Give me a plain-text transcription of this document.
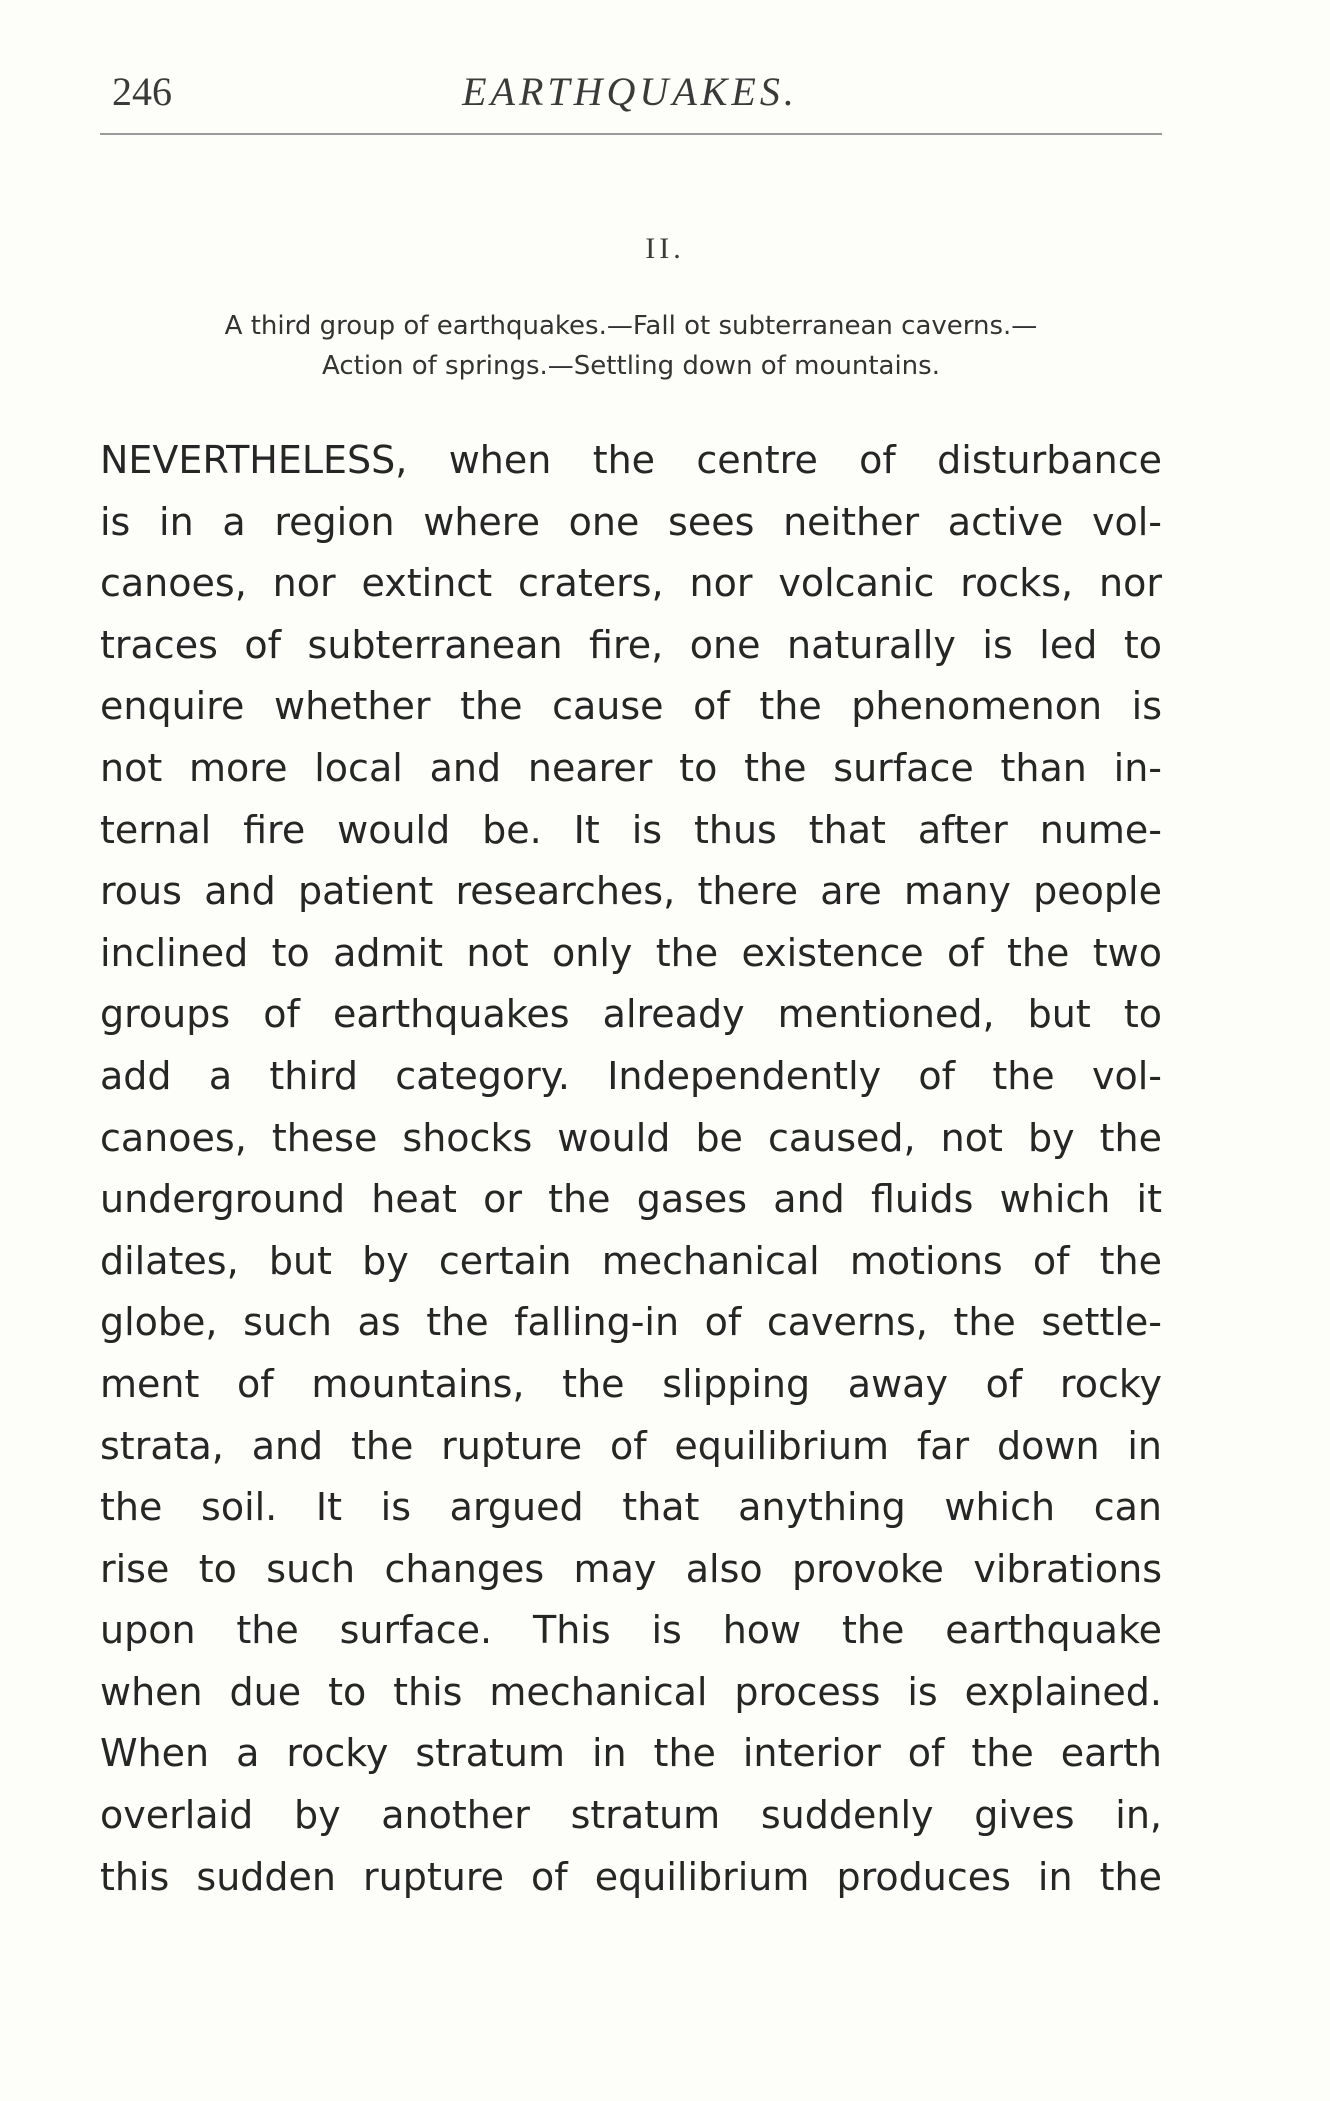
246	EARTHQUAKES.
II.
A third group of earthquakes.—Fall ot subterranean caverns.—
Action of springs.—Settling down of mountains.
NEVERTHELESS, when the centre of disturbance
is in a region where one sees neither active vol-
canoes, nor extinct craters, nor volcanic rocks, nor
traces of subterranean fire, one naturally is led to
enquire whether the cause of the phenomenon is
not more local and nearer to the surface than in-
ternal fire would be. It is thus that after nume-
rous and patient researches, there are many people
inclined to admit not only the existence of the two
groups of earthquakes already mentioned, but to
add a third category. Independently of the vol-
canoes, these shocks would be caused, not by the
underground heat or the gases and fluids which it
dilates, but by certain mechanical motions of the
globe, such as the falling-in of caverns, the settle-
ment of mountains, the slipping away of rocky
strata, and the rupture of equilibrium far down in
the soil. It is argued that anything which can
rise to such changes may also provoke vibrations
upon the surface. This is how the earthquake
when due to this mechanical process is explained.
When a rocky stratum in the interior of the earth
overlaid by another stratum suddenly gives in,
this sudden rupture of equilibrium produces in the
